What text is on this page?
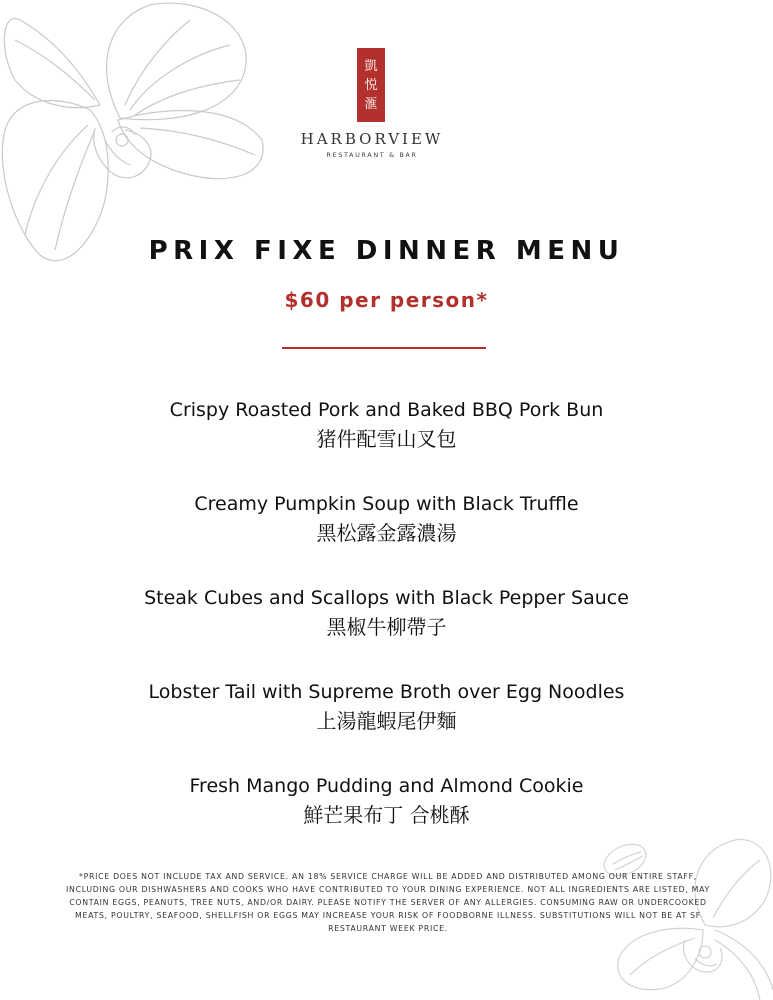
凱
悦
滙
HARBORVIEW
RESTAURANT & BAR
PRIX FIXE DINNER MENU
$60 per person*
Crispy Roasted Pork and Baked BBQ Pork Bun
猪件配雪山叉包
Creamy Pumpkin Soup with Black Truffle
黑松露金露濃湯
Steak Cubes and Scallops with Black Pepper Sauce
黑椒牛柳帶子
Lobster Tail with Supreme Broth over Egg Noodles
上湯龍蝦尾伊麵
Fresh Mango Pudding and Almond Cookie
鮮芒果布丁 合桃酥
*PRICE DOES NOT INCLUDE TAX AND SERVICE. AN 18% SERVICE CHARGE WILL BE ADDED AND DISTRIBUTED AMONG OUR ENTIRE STAFF, INCLUDING OUR DISHWASHERS AND COOKS WHO HAVE CONTRIBUTED TO YOUR DINING EXPERIENCE. NOT ALL INGREDIENTS ARE LISTED, MAY CONTAIN EGGS, PEANUTS, TREE NUTS, AND/OR DAIRY. PLEASE NOTIFY THE SERVER OF ANY ALLERGIES. CONSUMING RAW OR UNDERCOOKED MEATS, POULTRY, SEAFOOD, SHELLFISH OR EGGS MAY INCREASE YOUR RISK OF FOODBORNE ILLNESS. SUBSTITUTIONS WILL NOT BE AT SF RESTAURANT WEEK PRICE.
